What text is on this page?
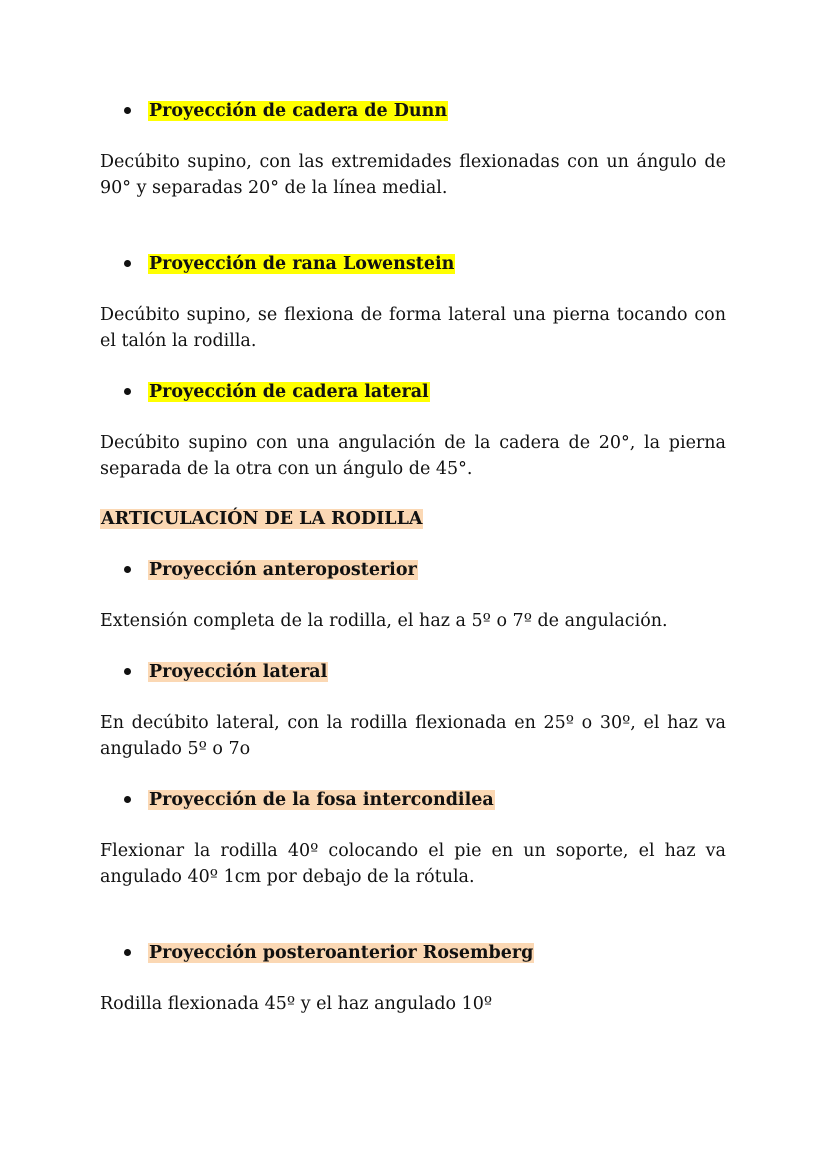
Proyección de cadera de Dunn
Decúbito supino, con las extremidades flexionadas con un ángulo de 90° y separadas 20° de la línea medial.
Proyección de rana Lowenstein
Decúbito supino, se flexiona de forma lateral una pierna tocando con el talón la rodilla.
Proyección de cadera lateral
Decúbito supino con una angulación de la cadera de 20°, la pierna separada de la otra con un ángulo de 45°.
ARTICULACIÓN DE LA RODILLA
Proyección anteroposterior
Extensión completa de la rodilla, el haz a 5º o 7º de angulación.
Proyección lateral
En decúbito lateral, con la rodilla flexionada en 25º o 30º, el haz va angulado 5º o 7o
Proyección de la fosa intercondilea
Flexionar la rodilla 40º colocando el pie en un soporte, el haz va angulado 40º 1cm por debajo de la rótula.
Proyección posteroanterior Rosemberg
Rodilla flexionada 45º y el haz angulado 10º
